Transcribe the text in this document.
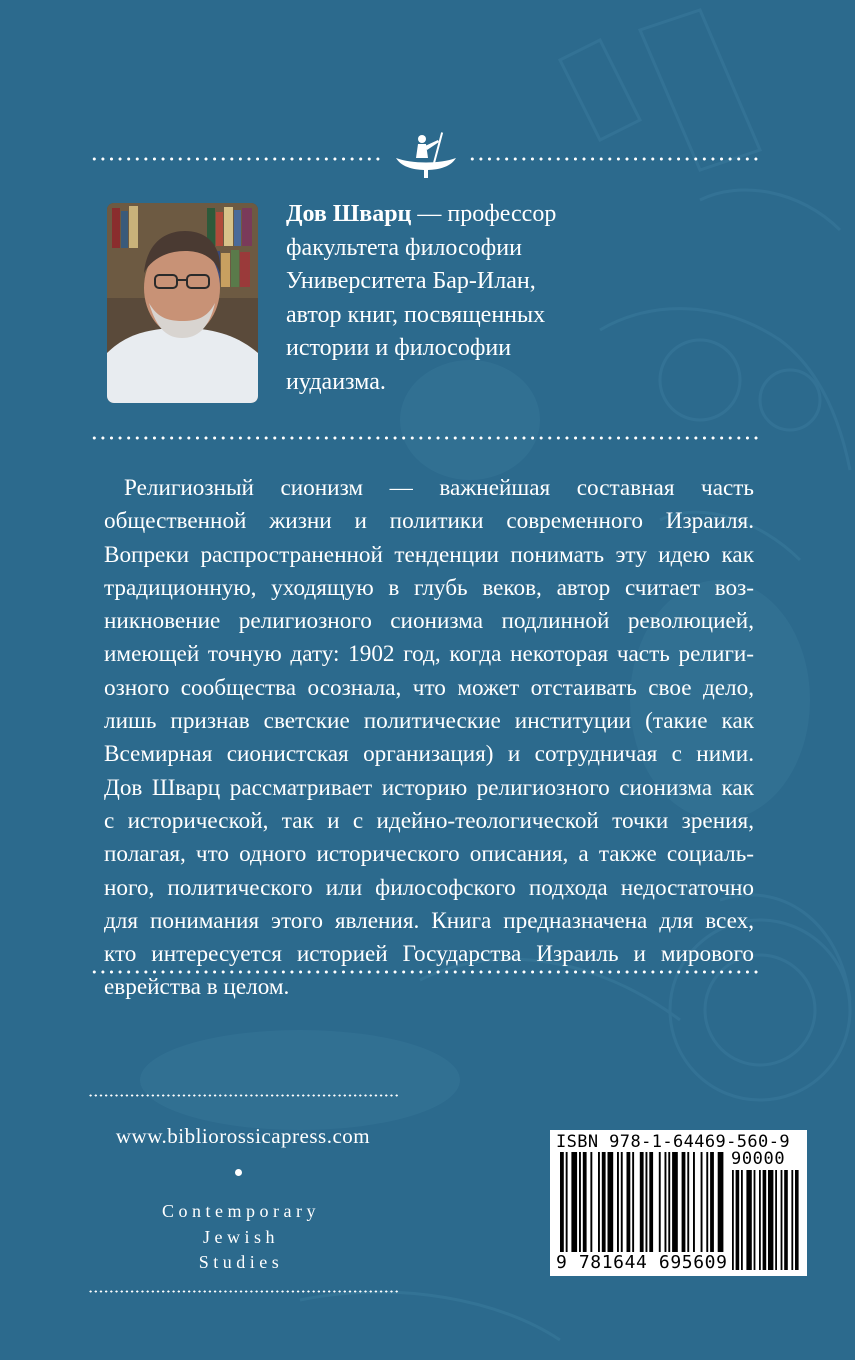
Дов Шварц — профессор
факультета философии
Университета Бар-Илан,
автор книг, посвященных
истории и философии
иудаизма.

Религиозный сионизм — важнейшая составная часть
общественной жизни и политики современного Израиля.
Вопреки распространенной тенденции понимать эту идею как
традиционную, уходящую в глубь веков, автор считает воз-
никновение религиозного сионизма подлинной революцией,
имеющей точную дату: 1902 год, когда некоторая часть религи-
озного сообщества осознала, что может отстаивать свое дело,
лишь признав светские политические институции (такие как
Всемирная сионистская организация) и сотрудничая с ними.
Дов Шварц рассматривает историю религиозного сионизма как
с исторической, так и с идейно-теологической точки зрения,
полагая, что одного исторического описания, а также социаль-
ного, политического или философского подхода недостаточно
для понимания этого явления. Книга предназначена для всех,
кто интересуется историей Государства Израиль и мирового
еврейства в целом.
www.bibliorossicapress.com
Contemporary
Jewish
Studies
ISBN 978-1-64469-560-9
90000
9 781644 695609
